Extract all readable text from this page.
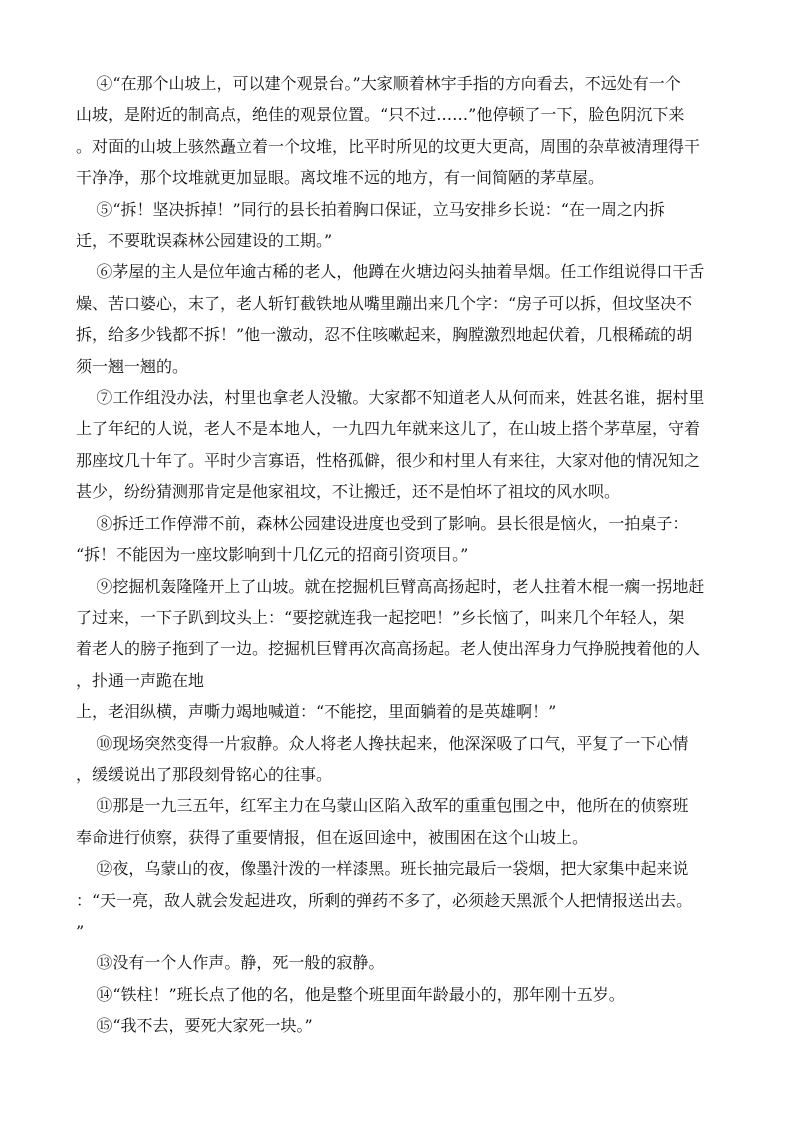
④“在那个山坡上，可以建个观景台。”大家顺着林宇手指的方向看去，不远处有一个

山坡，是附近的制高点，绝佳的观景位置。“只不过……”他停顿了一下，脸色阴沉下来

。对面的山坡上骇然矗立着一个坟堆，比平时所见的坟更大更高，周围的杂草被清理得干

干净净，那个坟堆就更加显眼。离坟堆不远的地方，有一间简陋的茅草屋。

⑤“拆！坚决拆掉！”同行的县长拍着胸口保证，立马安排乡长说：“在一周之内拆

迁，不要耽误森林公园建设的工期。”

⑥茅屋的主人是位年逾古稀的老人，他蹲在火塘边闷头抽着旱烟。任工作组说得口干舌

燥、苦口婆心，末了，老人斩钉截铁地从嘴里蹦出来几个字：“房子可以拆，但坟坚决不

拆，给多少钱都不拆！”他一激动，忍不住咳嗽起来，胸膛激烈地起伏着，几根稀疏的胡

须一翘一翘的。

⑦工作组没办法，村里也拿老人没辙。大家都不知道老人从何而来，姓甚名谁，据村里

上了年纪的人说，老人不是本地人，一九四九年就来这儿了，在山坡上搭个茅草屋，守着

那座坟几十年了。平时少言寡语，性格孤僻，很少和村里人有来往，大家对他的情况知之

甚少，纷纷猜测那肯定是他家祖坟，不让搬迁，还不是怕坏了祖坟的风水呗。

⑧拆迁工作停滞不前，森林公园建设进度也受到了影响。县长很是恼火，一拍桌子：

“拆！不能因为一座坟影响到十几亿元的招商引资项目。”

⑨挖掘机轰隆隆开上了山坡。就在挖掘机巨臂高高扬起时，老人拄着木棍一瘸一拐地赶

了过来，一下子趴到坟头上：“要挖就连我一起挖吧！”乡长恼了，叫来几个年轻人，架

着老人的膀子拖到了一边。挖掘机巨臂再次高高扬起。老人使出浑身力气挣脱拽着他的人

，扑通一声跪在地

上，老泪纵横，声嘶力竭地喊道：“不能挖，里面躺着的是英雄啊！”

⑩现场突然变得一片寂静。众人将老人搀扶起来，他深深吸了口气，平复了一下心情

，缓缓说出了那段刻骨铭心的往事。

⑪那是一九三五年，红军主力在乌蒙山区陷入敌军的重重包围之中，他所在的侦察班

奉命进行侦察，获得了重要情报，但在返回途中，被围困在这个山坡上。

⑫夜，乌蒙山的夜，像墨汁泼的一样漆黑。班长抽完最后一袋烟，把大家集中起来说

：“天一亮，敌人就会发起进攻，所剩的弹药不多了，必须趁天黑派个人把情报送出去。

”

⑬没有一个人作声。静，死一般的寂静。

⑭“铁柱！”班长点了他的名，他是整个班里面年龄最小的，那年刚十五岁。

⑮“我不去，要死大家死一块。”
